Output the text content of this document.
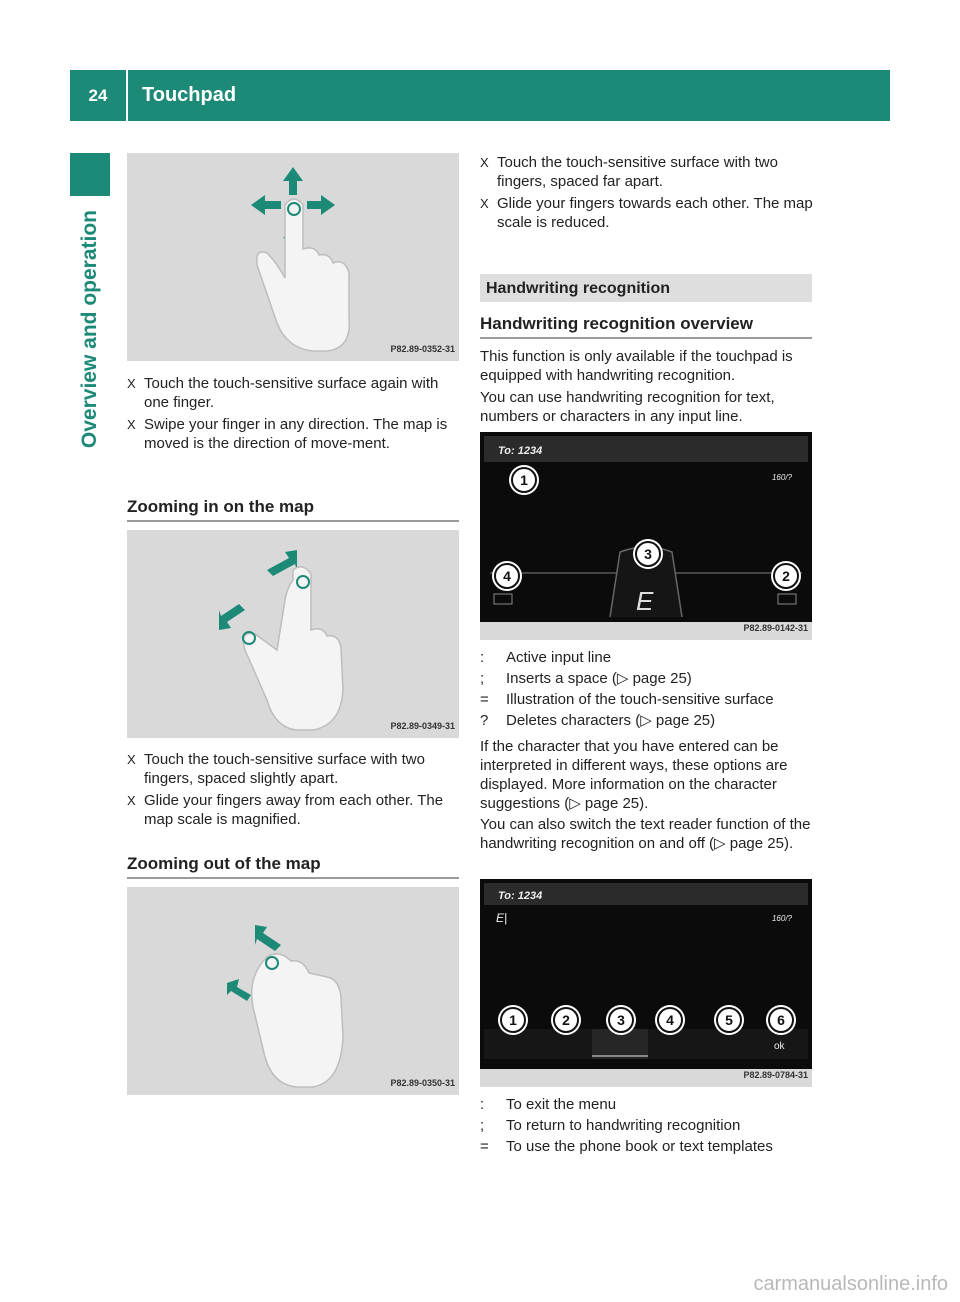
24	Touchpad
Overview and operation	P82.89-0352-31
X Touch the touch-sensitive surface again with one finger.
X Swipe your finger in any direction. The map is moved is the direction of move-ment.
Zooming in on the map
P82.89-0349-31
X Touch the touch-sensitive surface with two fingers, spaced slightly apart.
X Glide your fingers away from each other. The map scale is magnified.
Zooming out of the map
P82.89-0350-31
X Touch the touch-sensitive surface with two fingers, spaced far apart.
X Glide your fingers towards each other. The map scale is reduced.
Handwriting recognition
Handwriting recognition overview
This function is only available if the touchpad is equipped with handwriting recognition.
You can use handwriting recognition for text, numbers or characters in any input line.
To: 1234
160/?
E
1
2
3
4
P82.89-0142-31
:	Active input line
;	Inserts a space (▷ page 25)
=	Illustration of the touch-sensitive surface
?	Deletes characters (▷ page 25)
If the character that you have entered can be interpreted in different ways, these options are displayed. More information on the character suggestions (▷ page 25).
You can also switch the text reader function of the handwriting recognition on and off (▷ page 25).
To: 1234
E|	160/?
ok
1	2	3	4	5	6
P82.89-0784-31
:	To exit the menu
;	To return to handwriting recognition
=	To use the phone book or text templates
carmanualsonline.info
